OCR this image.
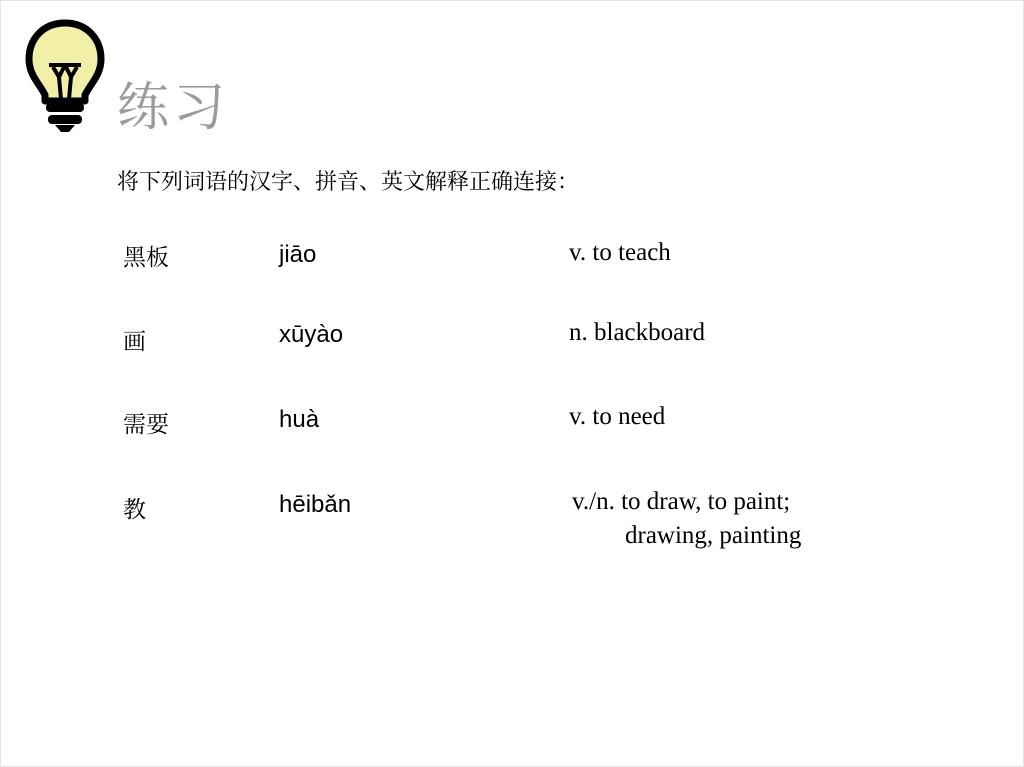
练习
将下列词语的汉字、拼音、英文解释正确连接：
黑板	jiāo	v. to teach
画	xūyào	n. blackboard
需要	huà	v. to need
教	hēibǎn	v./n. to draw, to paint;
drawing, painting
